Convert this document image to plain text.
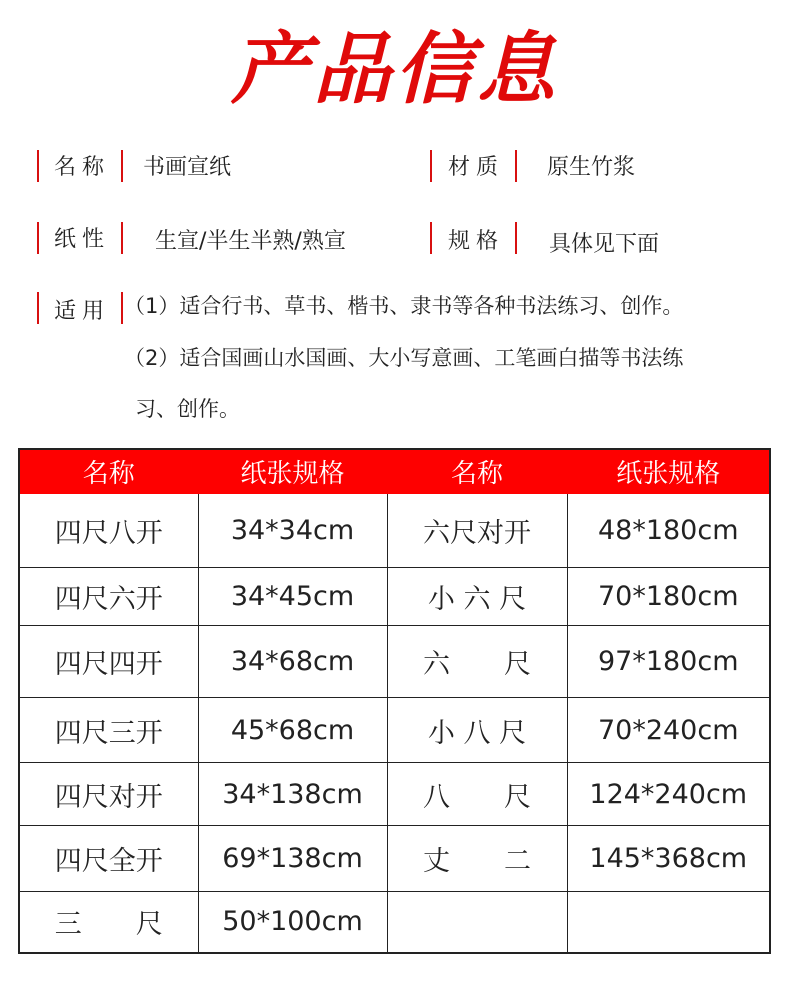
产品信息
名称 书画宣纸	材质 原生竹浆
纸性 生宣/半生半熟/熟宣	规格 具体见下面
适用 （1）适合行书、草书、楷书、隶书等各种书法练习、创作。
（2）适合国画山水国画、大小写意画、工笔画白描等书法练
习、创作。
名称	纸张规格	名称	纸张规格
四尺八开	34*34cm	六尺对开	48*180cm
四尺六开	34*45cm	小 六 尺	70*180cm
四尺四开	34*68cm	六　　尺	97*180cm
四尺三开	45*68cm	小 八 尺	70*240cm
四尺对开	34*138cm	八　　尺	124*240cm
四尺全开	69*138cm	丈　　二	145*368cm
三　　尺	50*100cm		
